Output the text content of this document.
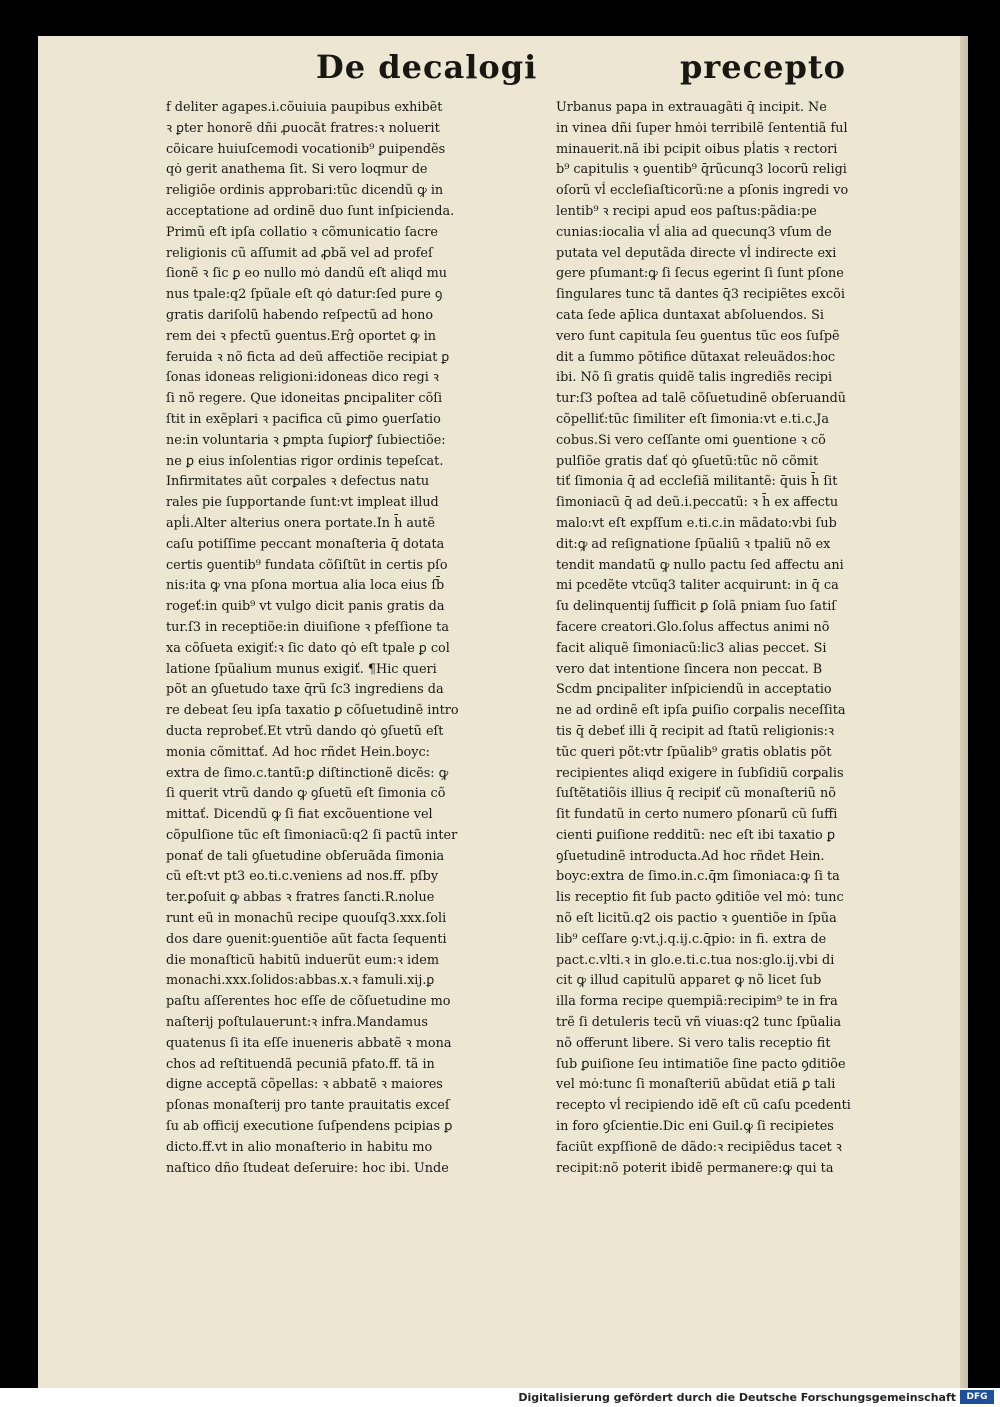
De decalogi	precepto
f deliter agapes.i.cõuiuia paupibus exhibẽt
ꝛ ꝑter honorẽ dñi ꝓuocãt fratres:ꝛ noluerit
cõicare huiuſcemodi vocationib⁹ ꝑuipendẽs
qȯ gerit anathema ſit. Si vero loqmur de
religiõe ordinis approbari:tũc dicendũ ꝙ in
acceptatione ad ordinẽ duo ſunt inſpicienda.
Primũ eſt ipſa collatio ꝛ cõmunicatio ſacre
religionis cũ aſſumit ad ꝓbã vel ad profeſ
ſionẽ ꝛ ſic ꝑ eo nullo mȯ dandũ eſt aliqd mu
nus tpale:q2 ſpũale eſt qȯ datur:ſed pure ꝯ
gratis dariſolũ habendo reſpectũ ad hono
rem dei ꝛ pfectũ ꝯuentus.Erĝ oportet ꝙ in
feruida ꝛ nõ ficta ad deũ affectiõe recipiat ꝑ
ſonas idoneas religioni:idoneas dico regi ꝛ
ſi nõ regere. Que idoneitas ꝑncipaliter cõſi
ſtit in exẽplari ꝛ pacifica cũ ꝑimo ꝯuerſatio
ne:in voluntaria ꝛ ꝑmpta ſuꝑiorꝭ ſubiectiõe:
ne ꝑ eius inſolentias rigor ordinis tepeſcat.
Infirmitates aũt corꝑales ꝛ defectus natu
rales pie ſupportande ſunt:vt impleat illud
apĺi.Alter alterius onera portate.In h̄ autẽ
caſu potiſſime peccant monaſteria q̄ dotata
certis ꝯuentib⁹ fundata cõſiſtũt in certis pſo
nis:ita ꝙ vna pſona mortua alia loca eius ſb̄
rogeť:in quib⁹ vt vulgo dicit panis gratis da
tur.ſ3 in receptiõe:in diuiſione ꝛ pfeſſione ta
xa cõſueta exigiť:ꝛ ſic dato qȯ eſt tpale ꝑ col
latione ſpũalium munus exigiť. ¶Hic queri
põt an ꝯſuetudo taxe q̄rũ ſc3 ingrediens da
re debeat ſeu ipſa taxatio ꝑ cõſuetudinẽ intro
ducta reprobeť.Et vtrũ dando qȯ ꝯſuetũ eſt
monia cõmittať. Ad hoc rñdet Hein.boyc:
extra de ſimo.c.tantũ:ꝑ diſtinctionẽ dicẽs: ꝙ
ſi querit vtrũ dando ꝙ ꝯſuetũ eſt ſimonia cõ
mittať. Dicendũ ꝙ ſi fiat excõuentione vel
cõpulſione tũc eſt ſimoniacũ:q2 ſi pactũ inter
ponať de tali ꝯſuetudine obſeruãda ſimonia
cũ eſt:vt pt3 eo.ti.c.veniens ad nos.ff. pſby
ter.ꝑoſuit ꝙ abbas ꝛ fratres ſancti.R.nolue
runt eũ in monachũ recipe quouſq3.xxx.ſoli
dos dare ꝯuenit:ꝯuentiõe aũt facta ſequenti
die monaſticũ habitũ induerũt eum:ꝛ idem
monachi.xxx.ſolidos:abbas.x.ꝛ famuli.xij.ꝑ
paſtu aſſerentes hoc eſſe de cõſuetudine mo
naſterij poſtulauerunt:ꝛ infra.Mandamus
quatenus ſi ita eſſe inueneris abbatẽ ꝛ mona
chos ad reſtituendã pecuniã pfato.ff. tã in
digne acceptã cõpellas: ꝛ abbatẽ ꝛ maiores
pſonas monaſterij pro tante prauitatis exceſ
ſu ab officij executione ſuſpendens pcipias ꝑ
dicto.ff.vt in alio monaſterio in habitu mo
naſtico dño ſtudeat deſeruire: hoc ibi. Unde
Urbanus papa in extrauagãti q̄ incipit. Ne
in vinea dñi ſuper hmȯi terribilẽ ſententiã ful
minauerit.nã ibi pcipit oibus pĺatis ꝛ rectori
b⁹ capitulis ꝛ ꝯuentib⁹ q̄rũcunq3 locorũ religi
oſorũ vĺ eccleſiaſticorũ:ne a pſonis ingredi vo
lentib⁹ ꝛ recipi apud eos paſtus:pãdia:pe
cunias:iocalia vĺ alia ad quecunq3 vſum de
putata vel deputãda directe vĺ indirecte exi
gere pſumant:ꝙ ſi ſecus egerint ſi ſunt pſone
ſingulares tunc tã dantes q̄3 recipiẽtes excõi
cata ſede ap̄lica duntaxat abſoluendos. Si
vero ſunt capitula ſeu ꝯuentus tũc eos ſuſpẽ
dit a ſummo põtifice dũtaxat releuãdos:hoc
ibi. Nõ ſi gratis quidẽ talis ingrediẽs recipi
tur:ſ3 poſtea ad talẽ cõſuetudinẽ obſeruandũ
cõpelliť:tũc ſimiliter eſt ſimonia:vt e.ti.c.Ja
cobus.Si vero ceſſante omi ꝯuentione ꝛ cõ
pulſiõe gratis dať qȯ ꝯſuetũ:tũc nõ cõmit
tiť ſimonia q̄ ad eccleſiã militantẽ: q̄uis h̄ ſit
ſimoniacũ q̄ ad deũ.i.peccatũ: ꝛ h̄ ex affectu
malo:vt eſt expſſum e.ti.c.in mãdato:vbi ſub
dit:ꝙ ad reſignatione ſpũaliũ ꝛ tpaliũ nõ ex
tendit mandatũ ꝙ nullo pactu ſed affectu ani
mi pcedẽte vtcũq3 taliter acquirunt: in q̄ ca
ſu delinquentĳ ſufficit ꝑ ſolã pniam ſuo ſatiſ
facere creatori.Glo.ſolus affectus animi nõ
facit aliquẽ ſimoniacũ:lic3 alias peccet. Si
vero dat intentione ſincera non peccat. B
Scdm ꝑncipaliter inſpiciendũ in acceptatio
ne ad ordinẽ eſt ipſa ꝑuiſio corꝑalis neceſſita
tis q̄ debeť illi q̄ recipit ad ſtatũ religionis:ꝛ
tũc queri põt:vtr ſpũalib⁹ gratis oblatis põt
recipientes aliqd exigere in ſubſidiũ corꝑalis
ſuſtẽtatiõis illius q̄ recipiť cũ monaſteriũ nõ
ſit fundatũ in certo numero pſonarũ cũ ſuffi
cienti ꝑuiſione redditũ: nec eſt ibi taxatio ꝑ
ꝯſuetudinẽ introducta.Ad hoc rñdet Hein.
boyc:extra de ſimo.in.c.q̄m ſimoniaca:ꝙ ſi ta
lis receptio fit ſub pacto ꝯditiõe vel mȯ: tunc
nõ eſt licitũ.q2 ois pactio ꝛ ꝯuentiõe in ſpũa
lib⁹ ceſſare ꝯ:vt.j.q.ij.c.q̄pio: in fi. extra de
pact.c.vlti.ꝛ in glo.e.ti.c.tua nos:glo.ij.vbi di
cit ꝙ illud capitulũ apparet ꝙ nõ licet ſub
illa forma recipe quempiã:recipim⁹ te in fra
trẽ ſi detuleris tecũ vñ viuas:q2 tunc ſpũalia
nõ offerunt libere. Si vero talis receptio fit
ſub ꝑuiſione ſeu intimatiõe ſine pacto ꝯditiõe
vel mȯ:tunc ſi monaſteriũ abũdat etiã ꝑ tali
recepto vĺ recipiendo idẽ eſt cũ caſu pcedenti
in foro ꝯſcientie.Dic eni Guil.ꝙ ſi recipietes
faciũt expſſionẽ de dãdo:ꝛ recipiẽdus tacet ꝛ
recipit:nõ poterit ibidẽ permanere:ꝙ qui ta
Digitalisierung gefördert durch die Deutsche Forschungsgemeinschaft	DFG
